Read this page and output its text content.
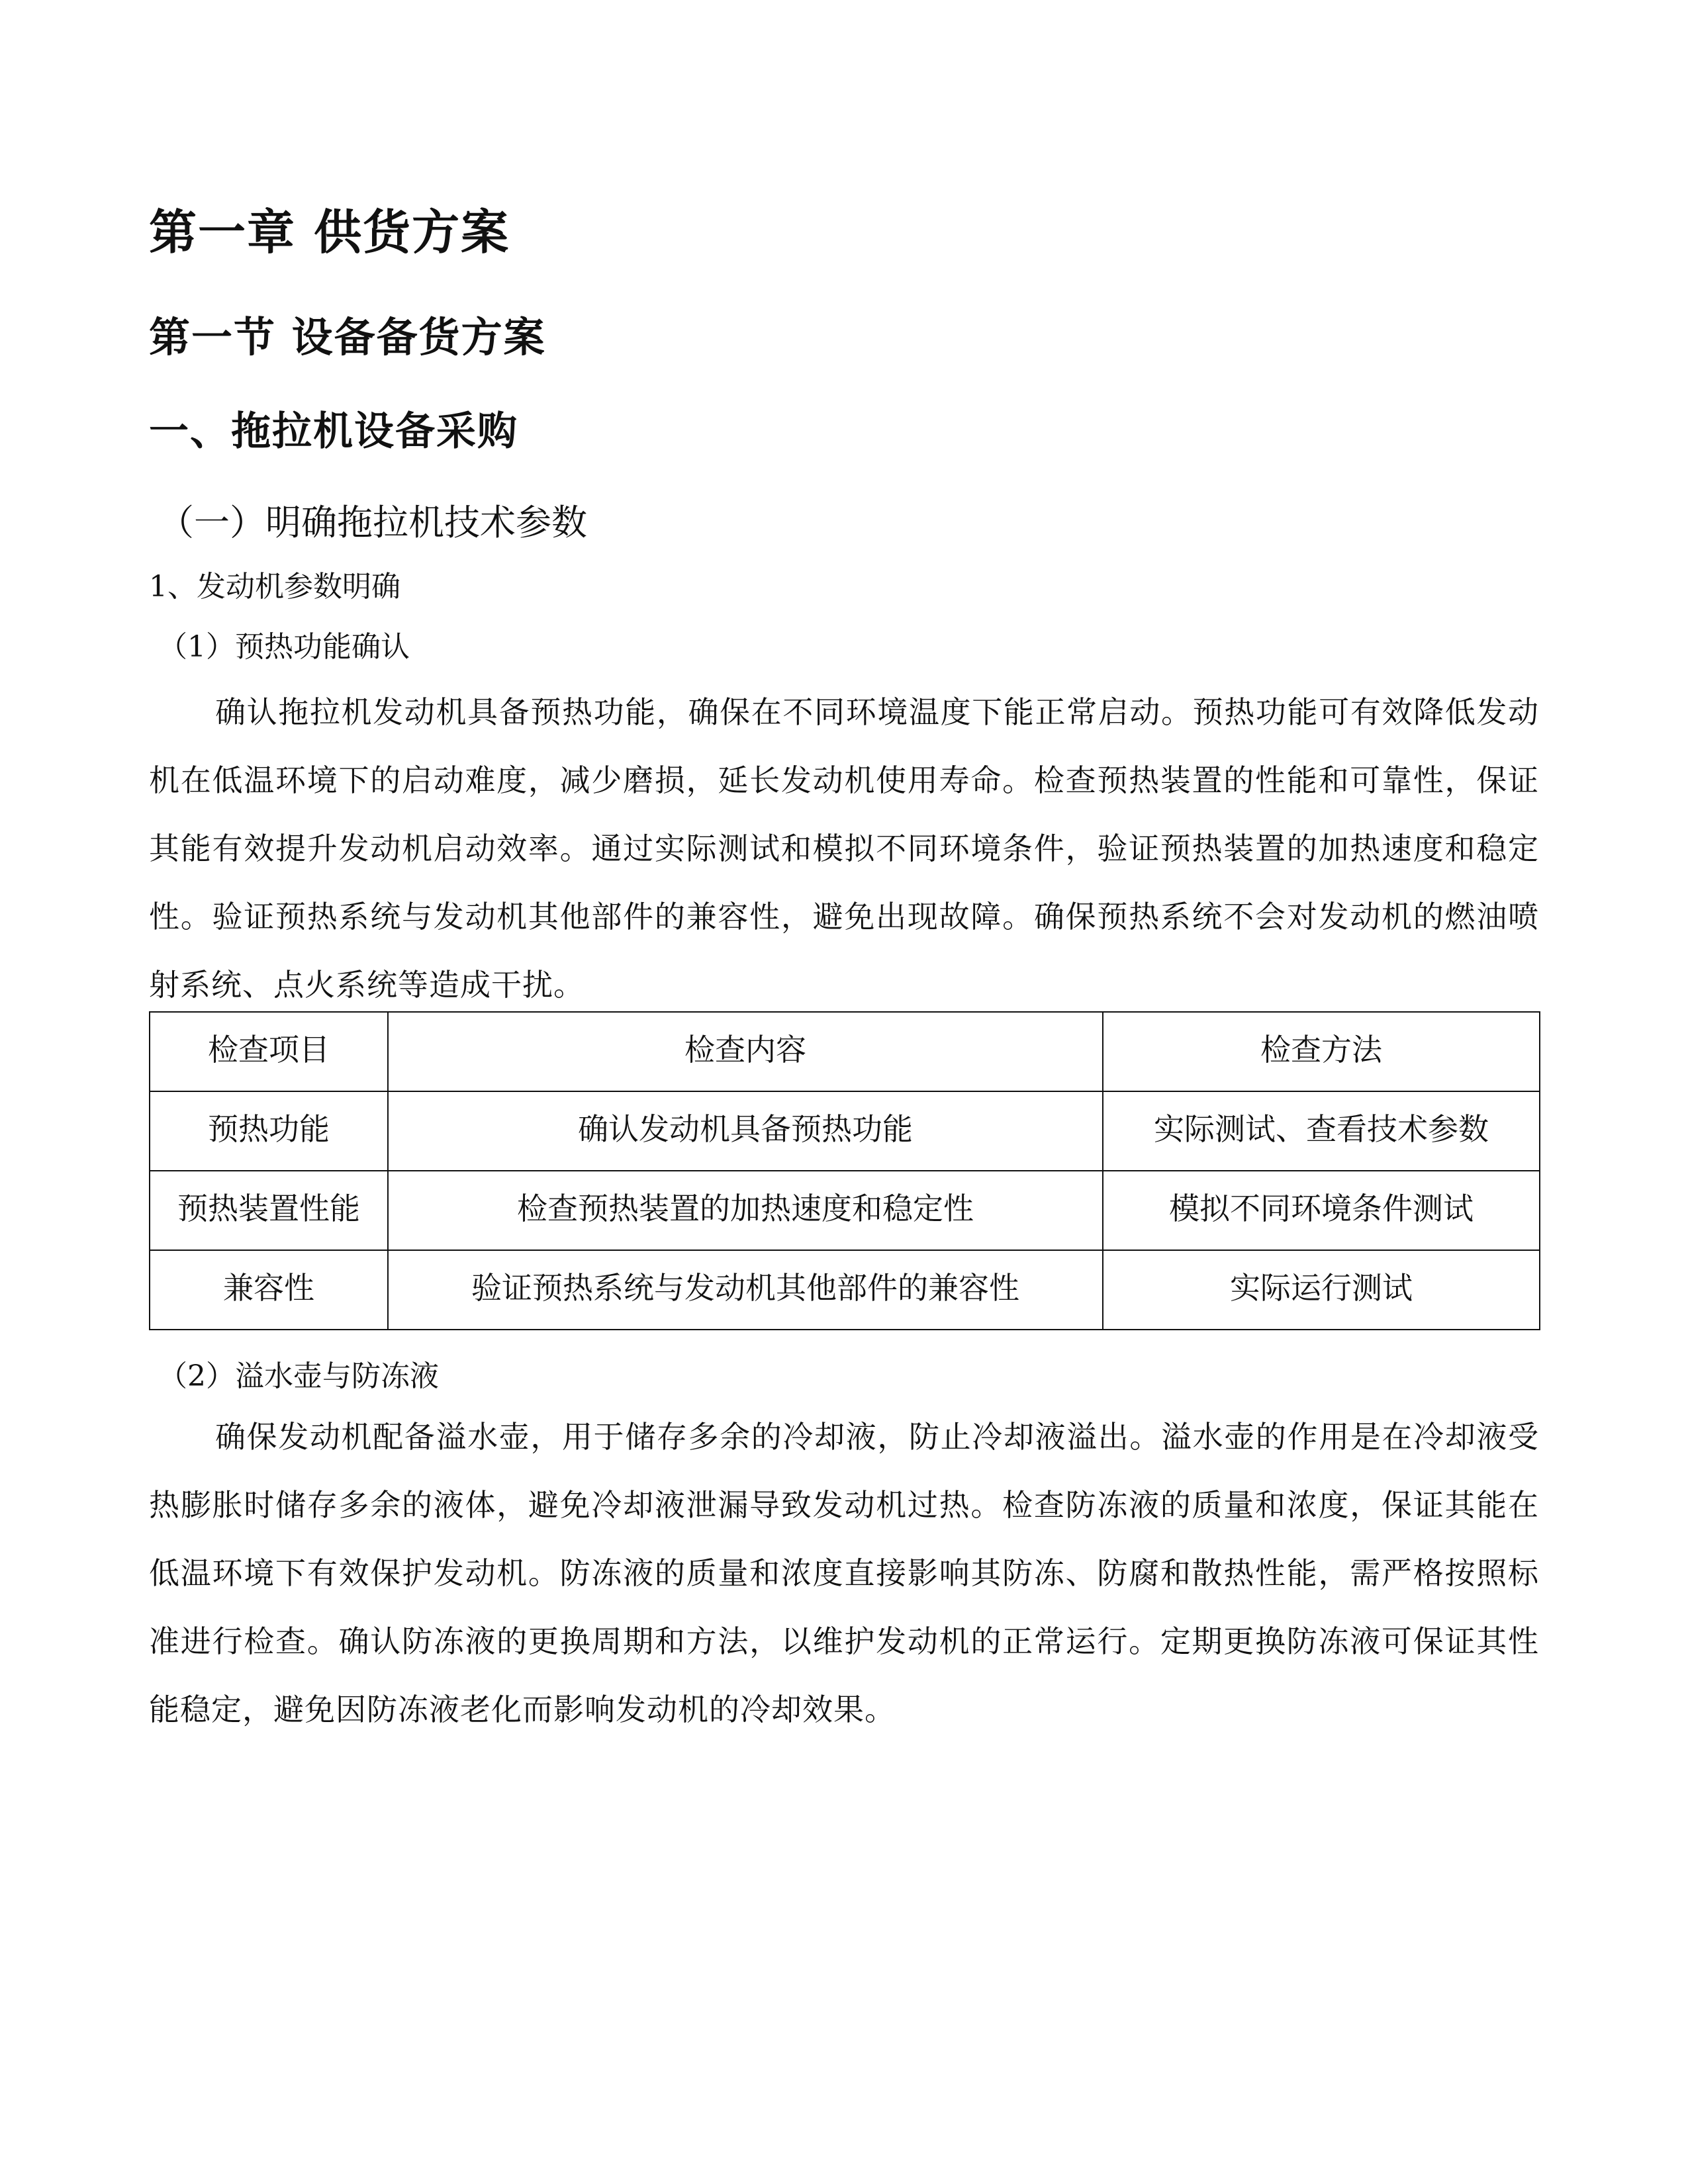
第一章 供货方案
第一节 设备备货方案
一、拖拉机设备采购
（一）明确拖拉机技术参数
1、发动机参数明确
（1）预热功能确认
确认拖拉机发动机具备预热功能，确保在不同环境温度下能正常启动。预热功能可有效降低发动机在低温环境下的启动难度，减少磨损，延长发动机使用寿命。检查预热装置的性能和可靠性，保证其能有效提升发动机启动效率。通过实际测试和模拟不同环境条件，验证预热装置的加热速度和稳定性。验证预热系统与发动机其他部件的兼容性，避免出现故障。确保预热系统不会对发动机的燃油喷射系统、点火系统等造成干扰。
检查项目	检查内容	检查方法
预热功能	确认发动机具备预热功能	实际测试、查看技术参数
预热装置性能	检查预热装置的加热速度和稳定性	模拟不同环境条件测试
兼容性	验证预热系统与发动机其他部件的兼容性	实际运行测试
（2）溢水壶与防冻液
确保发动机配备溢水壶，用于储存多余的冷却液，防止冷却液溢出。溢水壶的作用是在冷却液受热膨胀时储存多余的液体，避免冷却液泄漏导致发动机过热。检查防冻液的质量和浓度，保证其能在低温环境下有效保护发动机。防冻液的质量和浓度直接影响其防冻、防腐和散热性能，需严格按照标准进行检查。确认防冻液的更换周期和方法，以维护发动机的正常运行。定期更换防冻液可保证其性能稳定，避免因防冻液老化而影响发动机的冷却效果。
